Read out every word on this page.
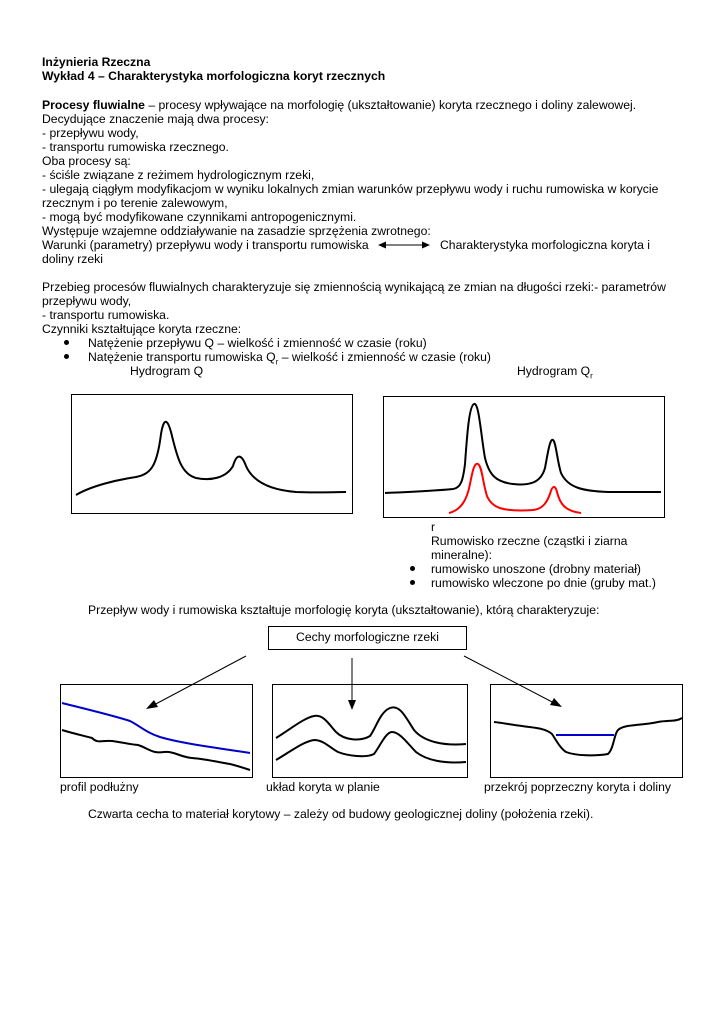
Inżynieria Rzeczna
Wykład 4 – Charakterystyka morfologiczna koryt rzecznych
Procesy fluwialne – procesy wpływające na morfologię (ukształtowanie) koryta rzecznego i doliny zalewowej.
Decydujące znaczenie mają dwa procesy:
- przepływu wody,
- transportu rumowiska rzecznego.
Oba procesy są:
- ściśle związane z reżimem hydrologicznym rzeki,
- ulegają ciągłym modyfikacjom w wyniku lokalnych zmian warunków przepływu wody i ruchu rumowiska w korycie
rzecznym i po terenie zalewowym,
- mogą być modyfikowane czynnikami antropogenicznymi.
Występuje wzajemne oddziaływanie na zasadzie sprzężenia zwrotnego:
Warunki (parametry) przepływu wody i transportu rumowiska	Charakterystyka morfologiczna koryta i
doliny rzeki
Przebieg procesów fluwialnych charakteryzuje się zmiennością wynikającą ze zmian na długości rzeki:- parametrów
przepływu wody,
- transportu rumowiska.
Czynniki kształtujące koryta rzeczne:
Natężenie przepływu Q – wielkość i zmienność w czasie (roku)
Natężenie transportu rumowiska $Q_r$ – wielkość i zmienność w czasie (roku)
Hydrogram Q	Hydrogram $Q_r$
r
Rumowisko rzeczne (cząstki i ziarna
mineralne):
rumowisko unoszone (drobny materiał)
rumowisko wleczone po dnie (gruby mat.)
Przepływ wody i rumowiska kształtuje morfologię koryta (ukształtowanie), którą charakteryzuje:
Cechy morfologiczne rzeki
profil podłużny	układ koryta w planie	przekrój poprzeczny koryta i doliny
Czwarta cecha to materiał korytowy – zależy od budowy geologicznej doliny (położenia rzeki).
